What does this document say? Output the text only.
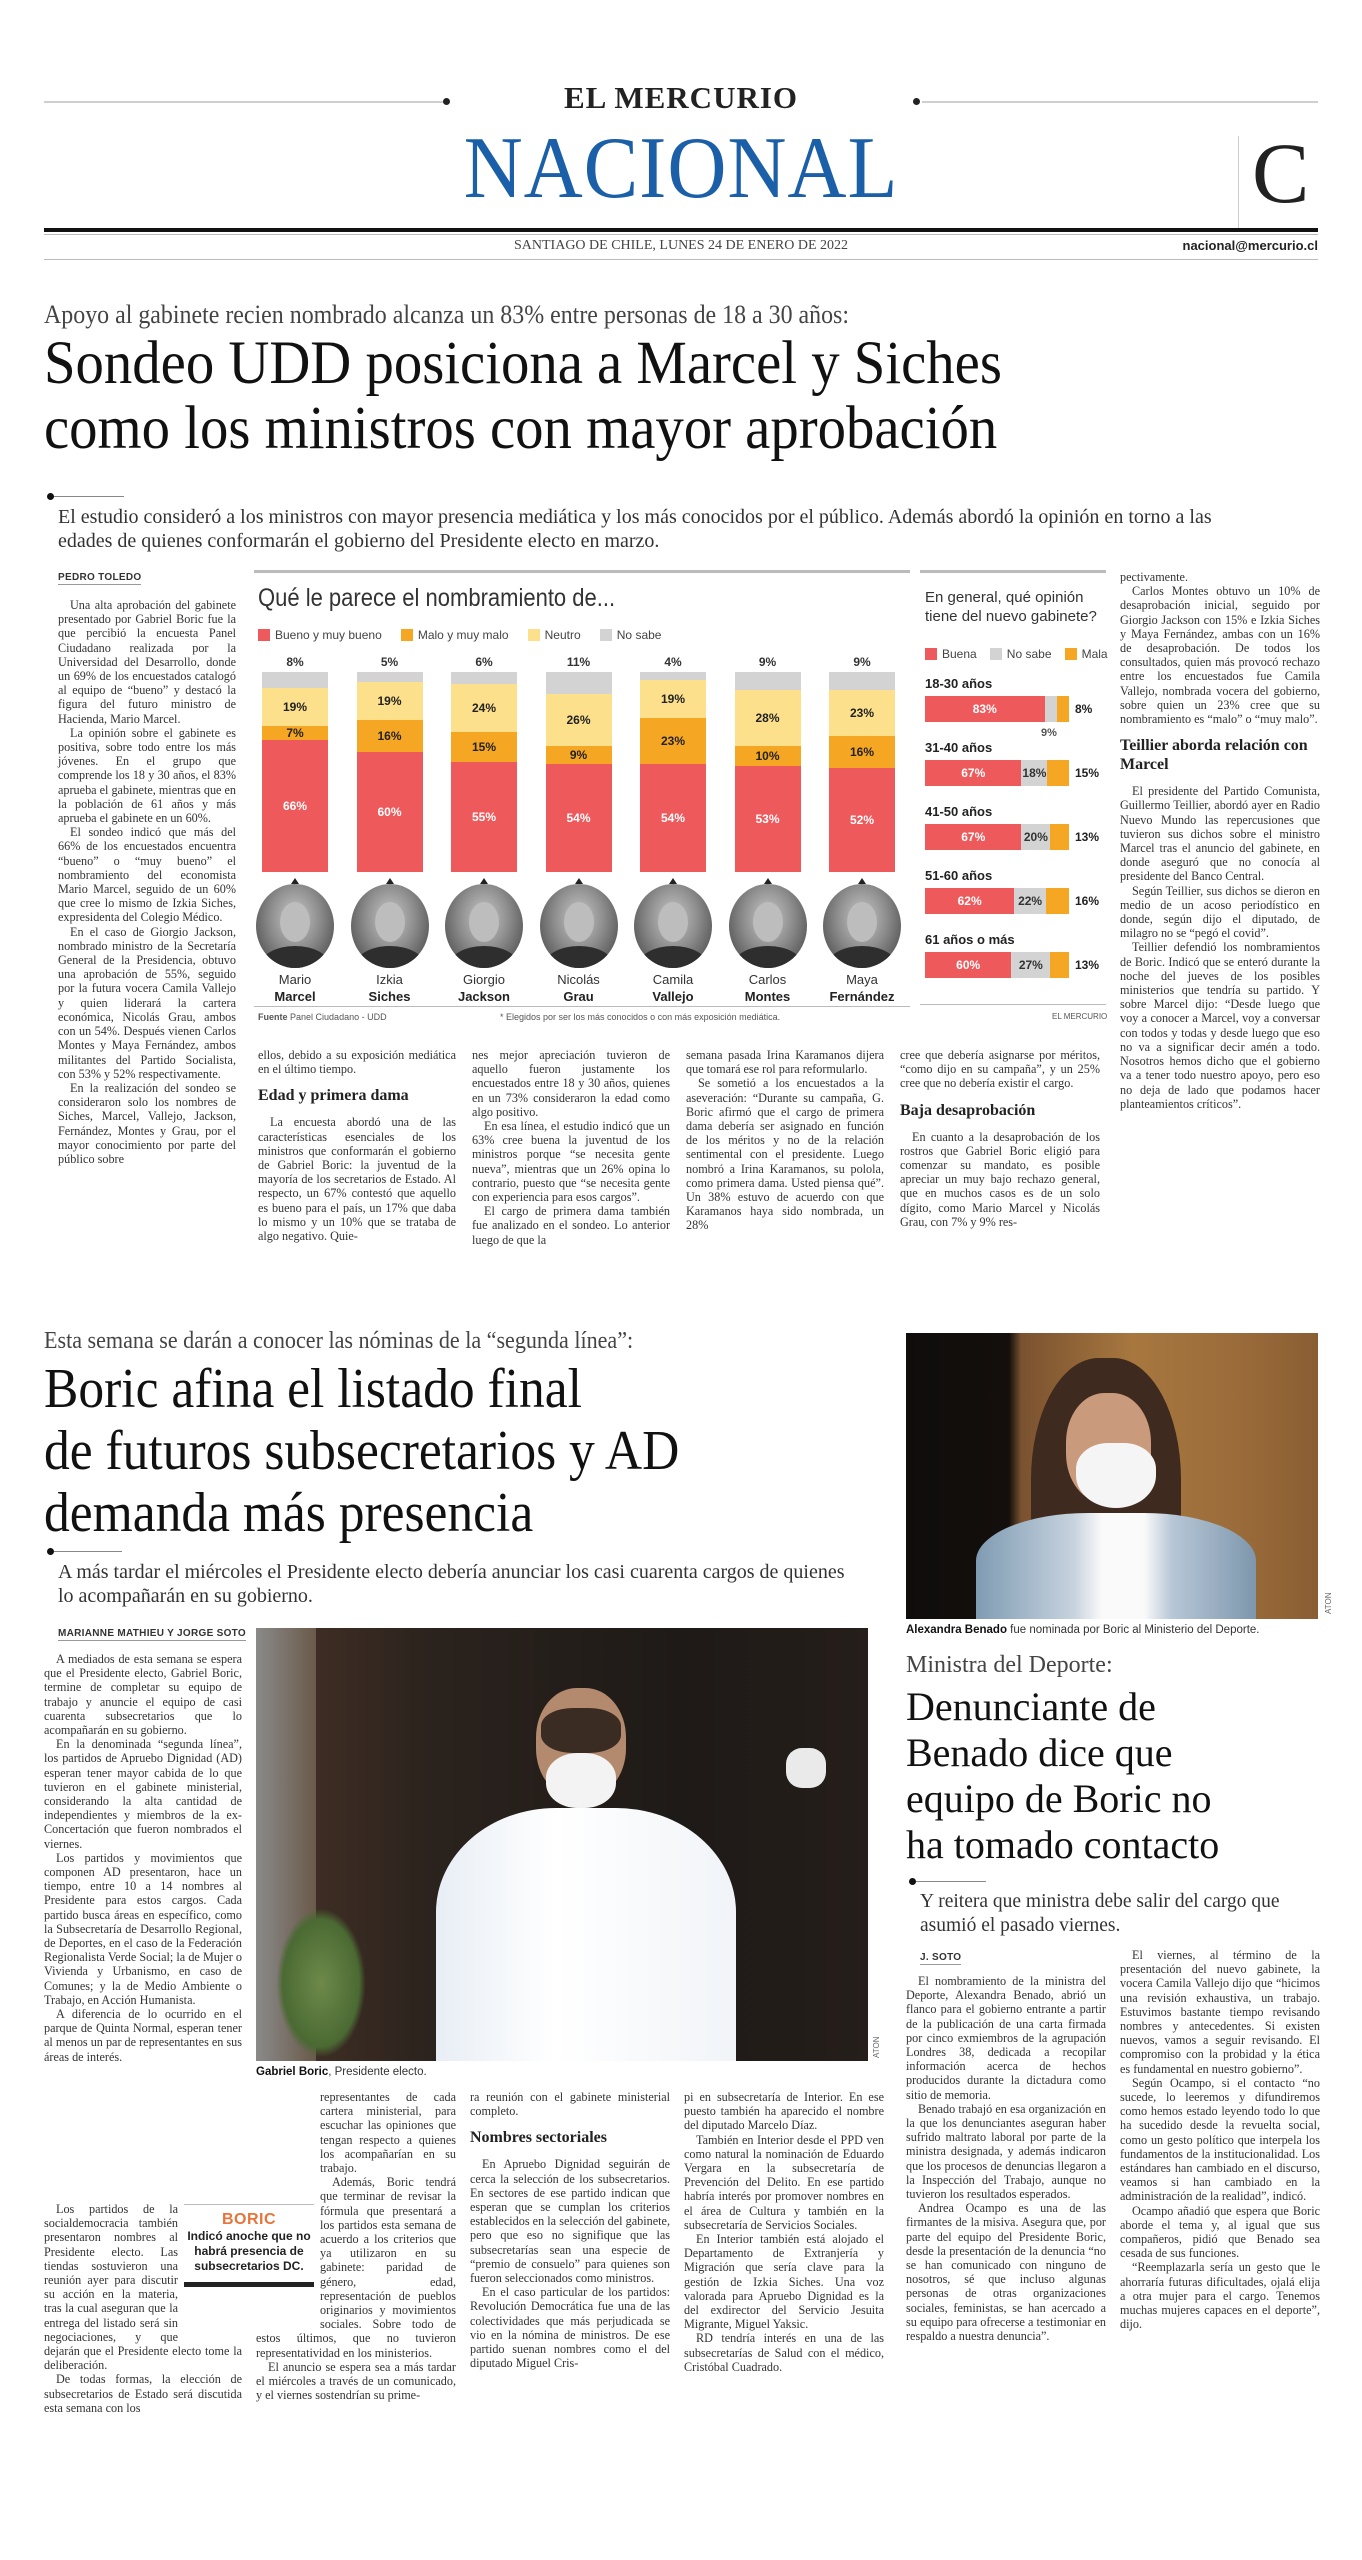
EL MERCURIO
NACIONAL	C
SANTIAGO DE CHILE, LUNES 24 DE ENERO DE 2022	nacional@mercurio.cl
Apoyo al gabinete recien nombrado alcanza un 83% entre personas de 18 a 30 años:
Sondeo UDD posiciona a Marcel y Siches
como los ministros con mayor aprobación
El estudio consideró a los ministros con mayor presencia mediática y los más conocidos por el público. Además abordó la opinión en torno a las edades de quienes conformarán el gobierno del Presidente electo en marzo.
PEDRO TOLEDO

Una alta aprobación del gabinete presentado por Gabriel Boric fue la que percibió la encuesta Panel Ciudadano realizada por la Universidad del Desarrollo, donde un 69% de los encuestados catalogó al equipo de “bueno” y destacó la figura del futuro ministro de Hacienda, Mario Marcel.

La opinión sobre el gabinete es positiva, sobre todo entre los más jóvenes. En el grupo que comprende los 18 y 30 años, el 83% aprueba el gabinete, mientras que en la población de 61 años y más aprueba el gabinete en un 60%.

El sondeo indicó que más del 66% de los encuestados encuentra “bueno” o “muy bueno” el nombramiento del economista Mario Marcel, seguido de un 60% que cree lo mismo de Izkia Siches, expresidenta del Colegio Médico.

En el caso de Giorgio Jackson, nombrado ministro de la Secretaría General de la Presidencia, obtuvo una aprobación de 55%, seguido por la futura vocera Camila Vallejo y quien liderará la cartera económica, Nicolás Grau, ambos con un 54%. Después vienen Carlos Montes y Maya Fernández, ambos militantes del Partido Socialista, con 53% y 52% respectivamente.

En la realización del sondeo se consideraron solo los nombres de Siches, Marcel, Vallejo, Jackson, Fernández, Montes y Grau, por el mayor conocimiento por parte del público sobre

Qué le parece el nombramiento de...
Bueno y muy bueno
	Malo y muy malo
	Neutro
	No sabe
66%
7%
19%
8%
Mario
Marcel
60%
16%
19%
5%
Izkia
Siches
55%
15%
24%
6%
Giorgio
Jackson
54%
9%
26%
11%
Nicolás
Grau
54%
23%
19%
4%
Camila
Vallejo
53%
10%
28%
9%
Carlos
Montes
52%
16%
23%
9%
Maya
Fernández
Fuente Panel Ciudadano - UDD	* Elegidos por ser los más conocidos o con más exposición mediática.	EL MERCURIO
En general, qué opinión tiene del nuevo gabinete?
Buena
	No sabe
	Mala
18-30 años
83%
9%
8%
31-40 años
67%	18% 15%
41-50 años
67%	20% 13%
51-60 años
62%	22%	16%
61 años o más
60%	27%	13%
ellos, debido a su exposición mediática en el último tiempo.
Edad y primera dama

La encuesta abordó una de las características esenciales de los ministros que conformarán el gobierno de Gabriel Boric: la juventud de la mayoría de los secretarios de Estado. Al respecto, un 67% contestó que aquello es bueno para el país, un 17% que daba lo mismo y un 10% que se trataba de algo negativo. Quie-

nes mejor apreciación tuvieron de aquello fueron justamente los encuestados entre 18 y 30 años, quienes en un 73% consideraron la edad como algo positivo.

En esa línea, el estudio indicó que un 63% cree buena la juventud de los ministros porque “se necesita gente nueva”, mientras que un 26% opina lo contrario, puesto que “se necesita gente con experiencia para esos cargos”.

El cargo de primera dama también fue analizado en el sondeo. Lo anterior luego de que la

semana pasada Irina Karamanos dijera que tomará ese rol para reformularlo.

Se sometió a los encuestados a la aseveración: “Durante su campaña, G. Boric afirmó que el cargo de primera dama debería ser asignado en función de los méritos y no de la relación sentimental con el presidente. Luego nombró a Irina Karamanos, su polola, como primera dama. Usted piensa qué”. Un 38% estuvo de acuerdo con que Karamanos haya sido nombrada, un 28%

cree que debería asignarse por méritos, “como dijo en su campaña”, y un 25% cree que no debería existir el cargo.
Baja desaprobación

En cuanto a la desaprobación de los rostros que Gabriel Boric eligió para comenzar su mandato, es posible apreciar un muy bajo rechazo general, que en muchos casos es de un solo dígito, como Mario Marcel y Nicolás Grau, con 7% y 9% res-

pectivamente.

Carlos Montes obtuvo un 10% de desaprobación inicial, seguido por Giorgio Jackson con 15% e Izkia Siches y Maya Fernández, ambas con un 16% de desaprobación. De todos los consultados, quien más provocó rechazo entre los encuestados fue Camila Vallejo, nombrada vocera del gobierno, sobre quien un 23% cree que su nombramiento es “malo” o “muy malo”.

Teillier aborda relación con Marcel

El presidente del Partido Comunista, Guillermo Teillier, abordó ayer en Radio Nuevo Mundo las repercusiones que tuvieron sus dichos sobre el ministro Marcel tras el anuncio del gabinete, en donde aseguró que no conocía al presidente del Banco Central.

Según Teillier, sus dichos se dieron en medio de un acoso periodístico en donde, según dijo el diputado, de milagro no se “pegó el covid”.

Teillier defendió los nombramientos de Boric. Indicó que se enteró durante la noche del jueves de los posibles ministerios que tendría su partido. Y sobre Marcel dijo: “Desde luego que voy a conocer a Marcel, voy a conversar con todos y todas y desde luego que eso no va a significar decir amén a todo. Nosotros hemos dicho que el gobierno va a tener todo nuestro apoyo, pero eso no deja de lado que podamos hacer planteamientos críticos”.

Esta semana se darán a conocer las nóminas de la “segunda línea”:
Boric afina el listado final
de futuros subsecretarios y AD
demanda más presencia
A más tardar el miércoles el Presidente electo debería anunciar los casi cuarenta cargos de quienes lo acompañarán en su gobierno.
MARIANNE MATHIEU Y JORGE SOTO
ATON
Gabriel Boric, Presidente electo.

A mediados de esta semana se espera que el Presidente electo, Gabriel Boric, termine de completar su equipo de trabajo y anuncie el equipo de casi cuarenta subsecretarios que lo acompañarán en su gobierno.

En la denominada “segunda línea”, los partidos de Apruebo Dignidad (AD) esperan tener mayor cabida de lo que tuvieron en el gabinete ministerial, considerando la alta cantidad de independientes y miembros de la ex-Concertación que fueron nombrados el viernes.

Los partidos y movimientos que componen AD presentaron, hace un tiempo, entre 10 a 14 nombres al Presidente para estos cargos. Cada partido busca áreas en específico, como la Subsecretaría de Desarrollo Regional, de Deportes, en el caso de la Federación Regionalista Verde Social; la de Mujer o Vivienda y Urbanismo, en caso de Comunes; y la de Medio Ambiente o Trabajo, en Acción Humanista.

A diferencia de lo ocurrido en el parque de Quinta Normal, esperan tener al menos un par de representantes en sus áreas de interés.

Los partidos de la socialdemocracia también presentaron nombres al Presidente electo. Las tiendas sostuvieron una reunión ayer para discutir su acción en la materia, tras la cual aseguran que la entrega del listado será sin negociaciones, y que dejarán que el Presidente electo tome la deliberación.

De todas formas, la elección de subsecretarios de Estado será discutida esta semana con los

representantes de cada cartera ministerial, para escuchar las opiniones que tengan respecto a quienes los acompañarían en su trabajo.

Además, Boric tendrá que terminar de revisar la fórmula que presentará a los partidos esta semana de acuerdo a los criterios que ya utilizaron en su gabinete: paridad de género, edad, representación de pueblos originarios y movimientos sociales. Sobre todo de estos últimos, que no tuvieron representatividad en los ministerios.

El anuncio se espera sea a más tardar el miércoles a través de un comunicado, y el viernes sostendrían su prime-

BORIC
Indicó anoche que no habrá presencia de subsecretarios DC.
ra reunión con el gabinete ministerial completo.
Nombres sectoriales

En Apruebo Dignidad seguirán de cerca la selección de los subsecretarios. En sectores de ese partido indican que esperan que se cumplan los criterios establecidos en la selección del gabinete, pero que eso no signifique que las subsecretarías sean una especie de “premio de consuelo” para quienes son fueron seleccionados como ministros.

En el caso particular de los partidos: Revolución Democrática fue una de las colectividades que más perjudicada se vio en la nómina de ministros. De ese partido suenan nombres como el del diputado Miguel Cris-

pi en subsecretaría de Interior. En ese puesto también ha aparecido el nombre del diputado Marcelo Díaz.

También en Interior desde el PPD ven como natural la nominación de Eduardo Vergara en la subsecretaría de Prevención del Delito. En ese partido habría interés por promover nombres en el área de Cultura y también en la subsecretaría de Servicios Sociales.

En Interior también está alojado el Departamento de Extranjería y Migración que sería clave para la gestión de Izkia Siches. Una voz valorada para Apruebo Dignidad es la del exdirector del Servicio Jesuita Migrante, Miguel Yaksic.

RD tendría interés en una de las subsecretarías de Salud con el médico, Cristóbal Cuadrado.

ATON
Alexandra Benado fue nominada por Boric al Ministerio del Deporte.
Ministra del Deporte:
Denunciante de
Benado dice que
equipo de Boric no
ha tomado contacto
Y reitera que ministra debe salir del cargo que asumió el pasado viernes.
J. SOTO

El nombramiento de la ministra del Deporte, Alexandra Benado, abrió un flanco para el gobierno entrante a partir de la publicación de una carta firmada por cinco exmiembros de la agrupación Londres 38, dedicada a recopilar información acerca de hechos producidos durante la dictadura como sitio de memoria.

Benado trabajó en esa organización en la que los denunciantes aseguran haber sufrido maltrato laboral por parte de la ministra designada, y además indicaron que los procesos de denuncias llegaron a la Inspección del Trabajo, aunque no tuvieron los resultados esperados.

Andrea Ocampo es una de las firmantes de la misiva. Asegura que, por parte del equipo del Presidente Boric, desde la presentación de la denuncia “no se han comunicado con ninguno de nosotros, sé que incluso algunas personas de otras organizaciones sociales, feministas, se han acercado a su equipo para ofrecerse a testimoniar en respaldo a nuestra denuncia”.

El viernes, al término de la presentación del nuevo gabinete, la vocera Camila Vallejo dijo que “hicimos una revisión exhaustiva, un trabajo. Estuvimos bastante tiempo revisando nombres y antecedentes. Si existen nuevos, vamos a seguir revisando. El compromiso con la probidad y la ética es fundamental en nuestro gobierno”.

Según Ocampo, si el contacto “no sucede, lo leeremos y difundiremos como hemos estado leyendo todo lo que ha sucedido desde la revuelta social, como un gesto político que interpela los fundamentos de la institucionalidad. Los estándares han cambiado en el discurso, veamos si han cambiado en la administración de la realidad”, indicó.

Ocampo añadió que espera que Boric aborde el tema y, al igual que sus compañeros, pidió que Benado sea cesada de sus funciones.

“Reemplazarla sería un gesto que le ahorraría futuras dificultades, ojalá elija a otra mujer para el cargo. Tenemos muchas mujeres capaces en el deporte”, dijo.
